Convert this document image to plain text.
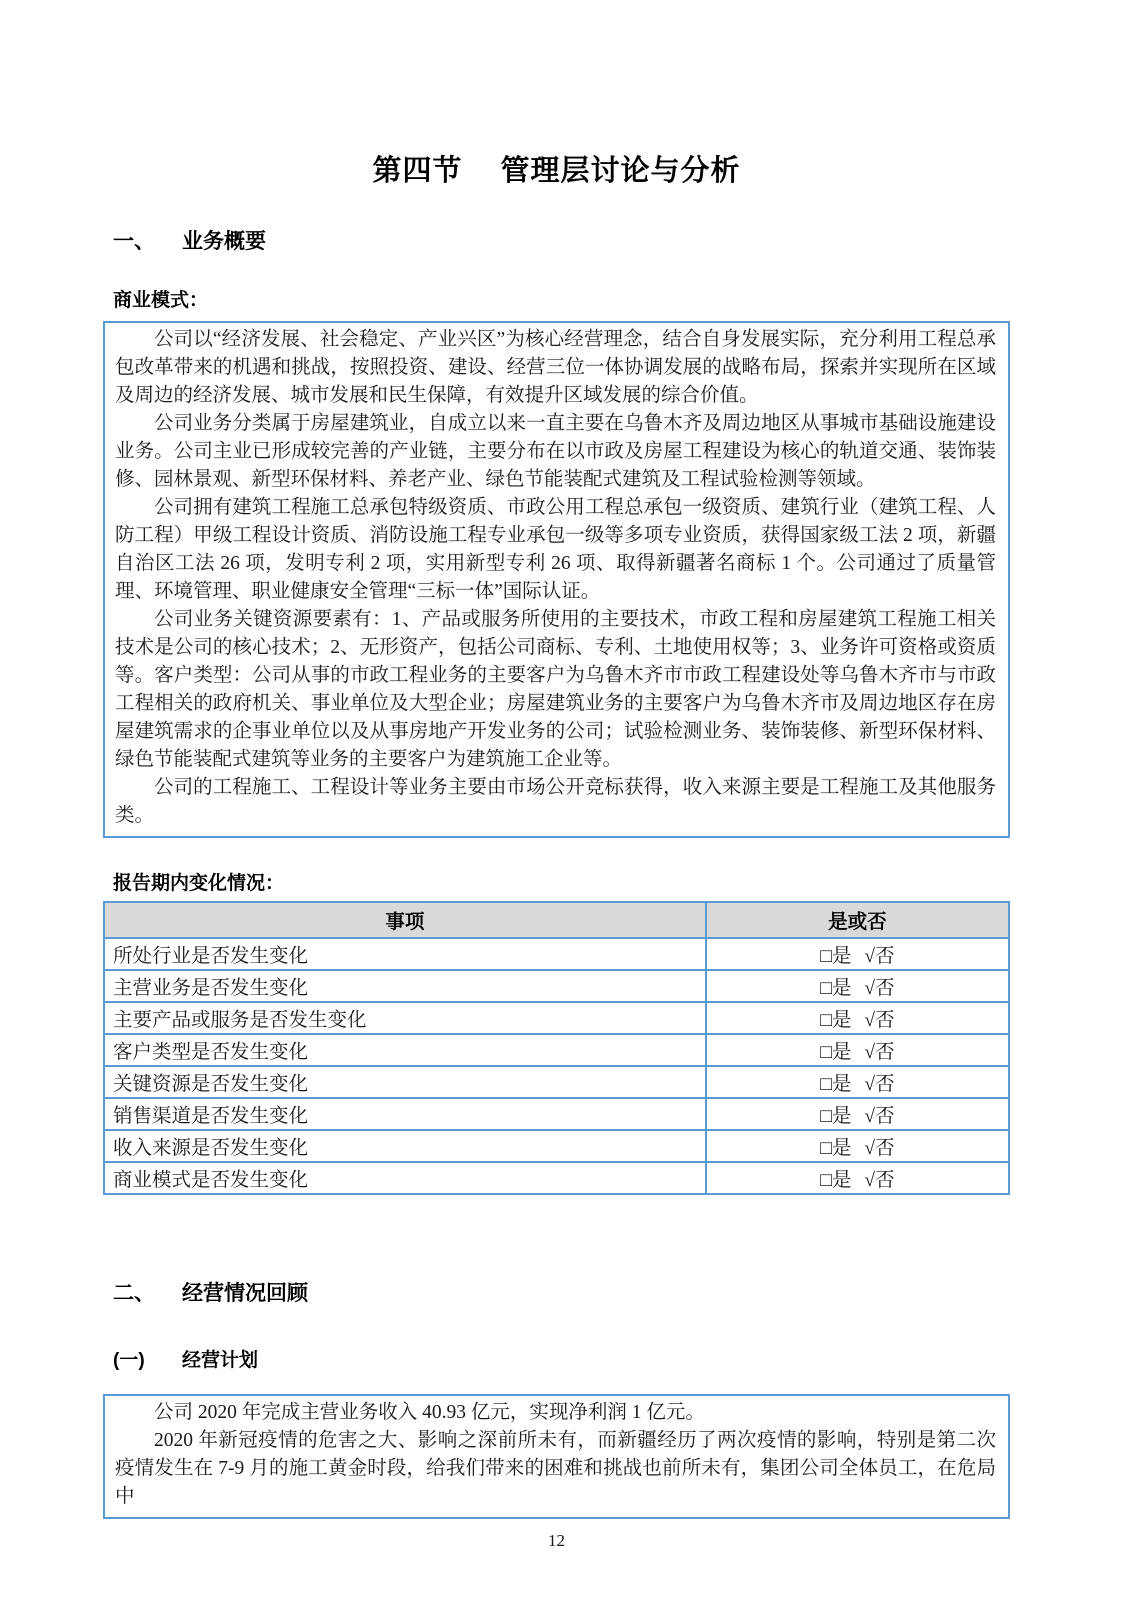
第四节 管理层讨论与分析
一、 业务概要
商业模式：

公司以“经济发展、社会稳定、产业兴区”为核心经营理念，结合自身发展实际，充分利用工程总承包改革带来的机遇和挑战，按照投资、建设、经营三位一体协调发展的战略布局，探索并实现所在区域及周边的经济发展、城市发展和民生保障，有效提升区域发展的综合价值。

公司业务分类属于房屋建筑业，自成立以来一直主要在乌鲁木齐及周边地区从事城市基础设施建设业务。公司主业已形成较完善的产业链，主要分布在以市政及房屋工程建设为核心的轨道交通、装饰装修、园林景观、新型环保材料、养老产业、绿色节能装配式建筑及工程试验检测等领域。

公司拥有建筑工程施工总承包特级资质、市政公用工程总承包一级资质、建筑行业（建筑工程、人防工程）甲级工程设计资质、消防设施工程专业承包一级等多项专业资质，获得国家级工法 2 项，新疆自治区工法 26 项，发明专利 2 项，实用新型专利 26 项、取得新疆著名商标 1 个。公司通过了质量管理、环境管理、职业健康安全管理“三标一体”国际认证。

公司业务关键资源要素有：1、产品或服务所使用的主要技术，市政工程和房屋建筑工程施工相关技术是公司的核心技术；2、无形资产，包括公司商标、专利、土地使用权等；3、业务许可资格或资质等。客户类型：公司从事的市政工程业务的主要客户为乌鲁木齐市市政工程建设处等乌鲁木齐市与市政工程相关的政府机关、事业单位及大型企业；房屋建筑业务的主要客户为乌鲁木齐市及周边地区存在房屋建筑需求的企事业单位以及从事房地产开发业务的公司；试验检测业务、装饰装修、新型环保材料、绿色节能装配式建筑等业务的主要客户为建筑施工企业等。

公司的工程施工、工程设计等业务主要由市场公开竞标获得，收入来源主要是工程施工及其他服务类。

报告期内变化情况：
事项	是或否
所处行业是否发生变化	□是 √否
主营业务是否发生变化	□是 √否
主要产品或服务是否发生变化	□是 √否
客户类型是否发生变化	□是 √否
关键资源是否发生变化	□是 √否
销售渠道是否发生变化	□是 √否
收入来源是否发生变化	□是 √否
商业模式是否发生变化	□是 √否
二、 经营情况回顾
(一) 经营计划

公司 2020 年完成主营业务收入 40.93 亿元，实现净利润 1 亿元。

2020 年新冠疫情的危害之大、影响之深前所未有，而新疆经历了两次疫情的影响，特别是第二次疫情发生在 7-9 月的施工黄金时段，给我们带来的困难和挑战也前所未有，集团公司全体员工，在危局中

12
